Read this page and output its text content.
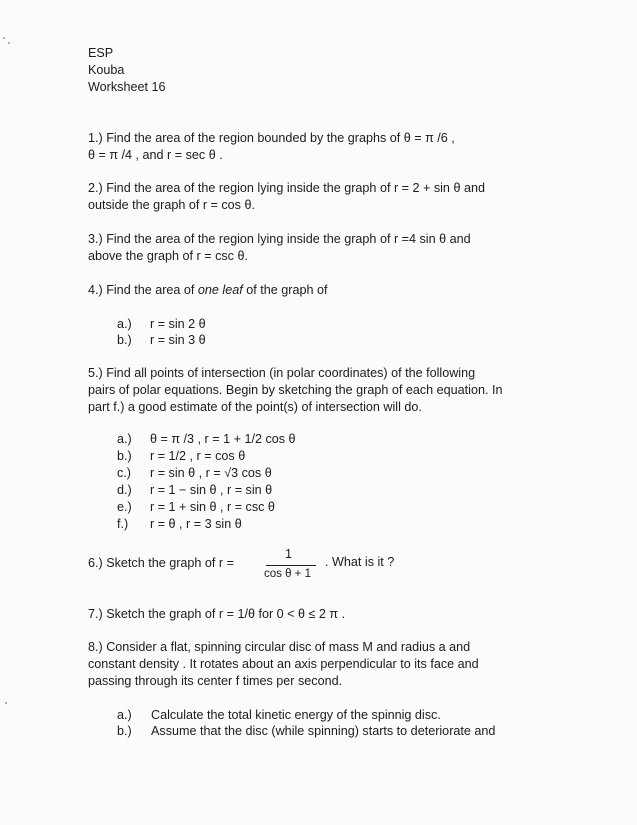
ESP
Kouba
Worksheet 16
1.) Find the area of the region bounded by the graphs of θ = π /6 ,
θ = π /4 , and r = sec θ .
2.) Find the area of the region lying inside the graph of r = 2 + sin θ and
outside the graph of r = cos θ.
3.) Find the area of the region lying inside the graph of r =4 sin θ and
above the graph of r = csc θ.
4.) Find the area of one leaf of the graph of
a.) r = sin 2 θ
b.) r = sin 3 θ
5.) Find all points of intersection (in polar coordinates) of the following
pairs of polar equations. Begin by sketching the graph of each equation. In
part f.) a good estimate of the point(s) of intersection will do.
a.) θ = π /3 , r = 1 + 1/2 cos θ
b.) r = 1/2 , r = cos θ
c.) r = sin θ , r = √3 cos θ
d.) r = 1 − sin θ , r = sin θ
e.) r = 1 + sin θ , r = csc θ
f.) r = θ , r = 3 sin θ
6.) Sketch the graph of r =
1
cos θ + 1
. What is it ?
7.) Sketch the graph of r = 1/θ for 0 < θ ≤ 2 π .
8.) Consider a flat, spinning circular disc of mass M and radius a and
constant density . It rotates about an axis perpendicular to its face and
passing through its center f times per second.
a.) Calculate the total kinetic energy of the spinnig disc.
b.) Assume that the disc (while spinning) starts to deteriorate and
